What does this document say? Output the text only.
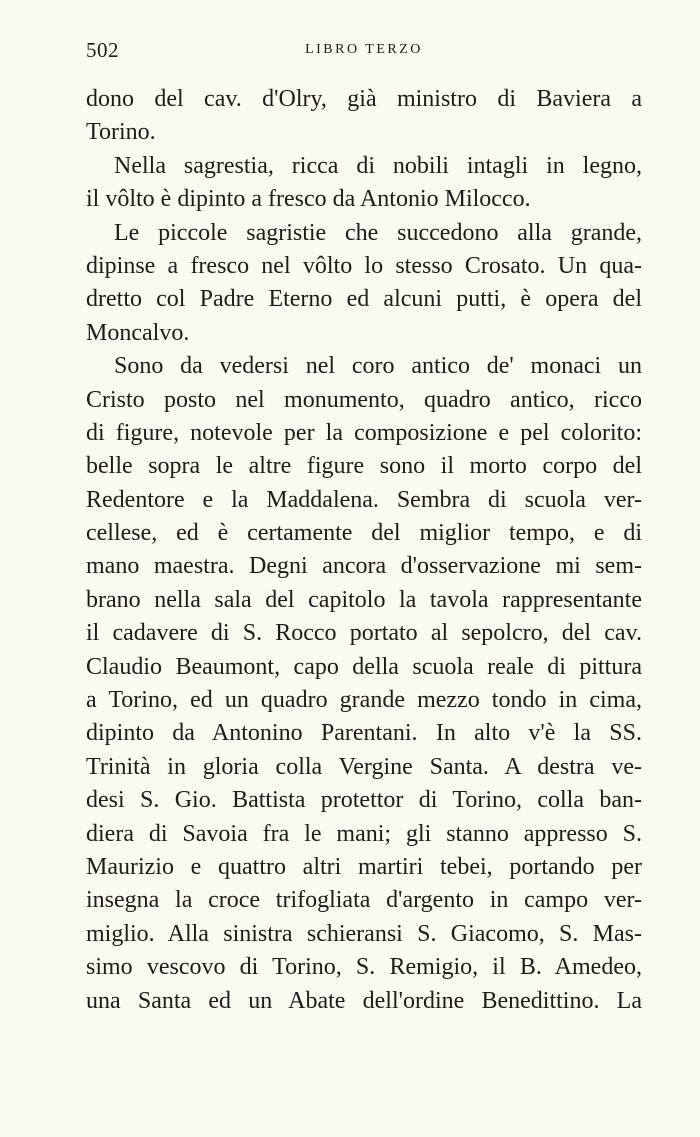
502	LIBRO TERZO
dono del cav. d'Olry, già ministro di Baviera a
Torino.
Nella sagrestia, ricca di nobili intagli in legno,
il vôlto è dipinto a fresco da Antonio Milocco.
Le piccole sagristie che succedono alla grande,
dipinse a fresco nel vôlto lo stesso Crosato. Un qua-
dretto col Padre Eterno ed alcuni putti, è opera del
Moncalvo.
Sono da vedersi nel coro antico de' monaci un
Cristo posto nel monumento, quadro antico, ricco
di figure, notevole per la composizione e pel colorito:
belle sopra le altre figure sono il morto corpo del
Redentore e la Maddalena. Sembra di scuola ver-
cellese, ed è certamente del miglior tempo, e di
mano maestra. Degni ancora d'osservazione mi sem-
brano nella sala del capitolo la tavola rappresentante
il cadavere di S. Rocco portato al sepolcro, del cav.
Claudio Beaumont, capo della scuola reale di pittura
a Torino, ed un quadro grande mezzo tondo in cima,
dipinto da Antonino Parentani. In alto v'è la SS.
Trinità in gloria colla Vergine Santa. A destra ve-
desi S. Gio. Battista protettor di Torino, colla ban-
diera di Savoia fra le mani; gli stanno appresso S.
Maurizio e quattro altri martiri tebei, portando per
insegna la croce trifogliata d'argento in campo ver-
miglio. Alla sinistra schieransi S. Giacomo, S. Mas-
simo vescovo di Torino, S. Remigio, il B. Amedeo,
una Santa ed un Abate dell'ordine Benedittino. La
